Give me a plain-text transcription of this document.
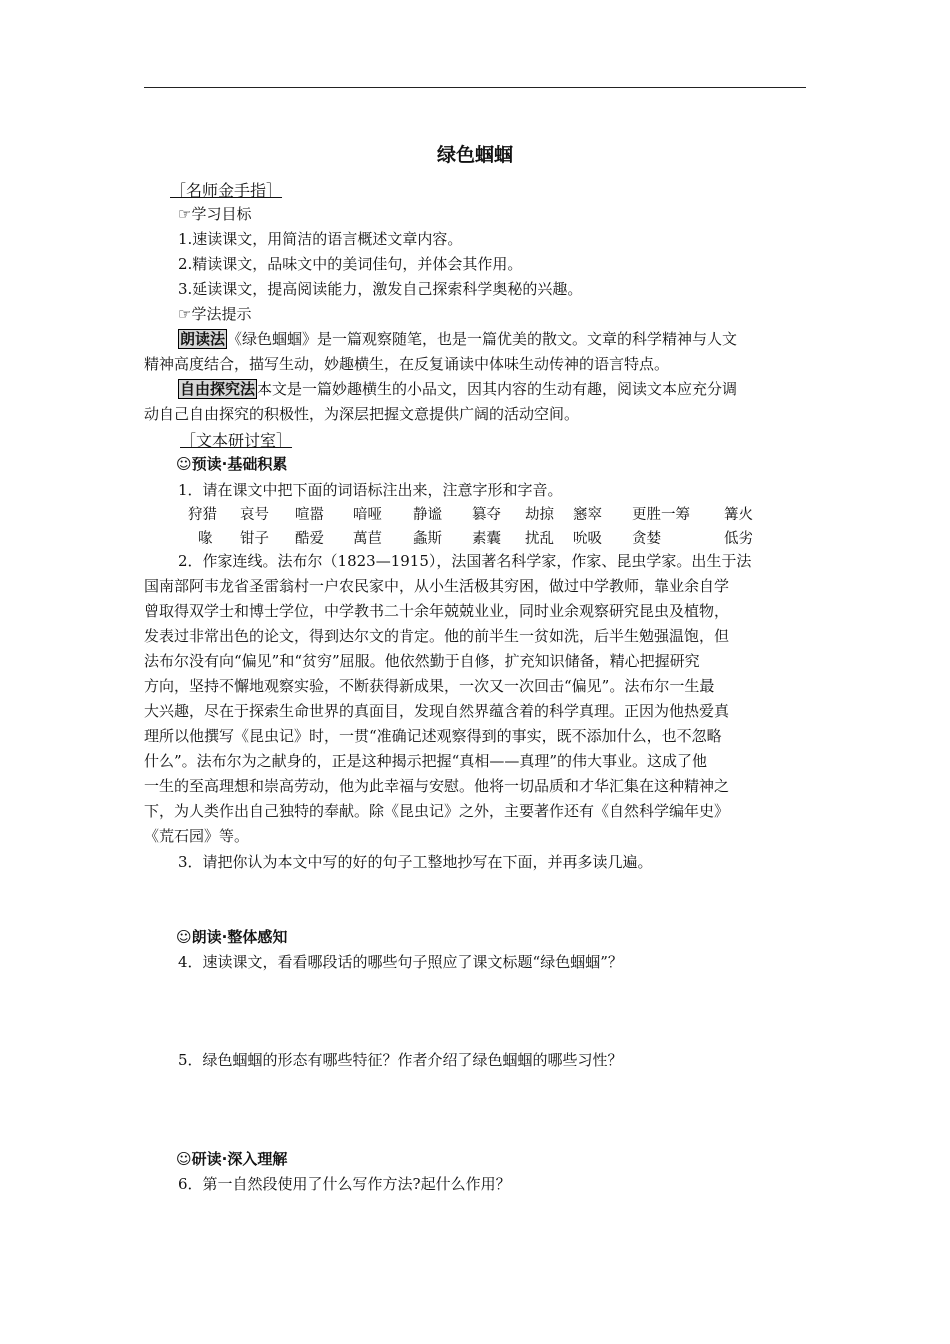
绿色蝈蝈
［名师金手指］
☞学习目标
1.速读课文，用简洁的语言概述文章内容。
2.精读课文，品味文中的美词佳句，并体会其作用。
3.延读课文，提高阅读能力，激发自己探索科学奥秘的兴趣。
☞学法提示
朗读法 《绿色蝈蝈》是一篇观察随笔，也是一篇优美的散文。文章的科学精神与人文
精神高度结合，描写生动，妙趣横生，在反复诵读中体味生动传神的语言特点。
自由探究法 本文是一篇妙趣横生的小品文，因其内容的生动有趣，阅读文本应充分调
动自己自由探究的积极性，为深层把握文意提供广阔的活动空间。
［文本研讨室］
☺预读·基础积累
1．请在课文中把下面的词语标注出来，注意字形和字音。
狩猎 哀号 喧嚣 喑哑 静谧 篡夺 劫掠 窸窣 更胜一筹 篝火
喙 钳子 酷爱 萬苣 螽斯 素囊 扰乱 吮吸 贪婪	低劣
2．作家连线。法布尔（1823—1915），法国著名科学家，作家、昆虫学家。出生于法
国南部阿韦龙省圣雷翁村一户农民家中，从小生活极其穷困，做过中学教师，靠业余自学
曾取得双学士和博士学位，中学教书二十余年兢兢业业，同时业余观察研究昆虫及植物，
发表过非常出色的论文，得到达尔文的肯定。他的前半生一贫如洗，后半生勉强温饱，但
法布尔没有向“偏见”和“贫穷”屈服。他依然勤于自修，扩充知识储备，精心把握研究
方向，坚持不懈地观察实验，不断获得新成果，一次又一次回击“偏见”。法布尔一生最
大兴趣，尽在于探索生命世界的真面目，发现自然界蕴含着的科学真理。正因为他热爱真
理所以他撰写《昆虫记》时，一贯“准确记述观察得到的事实，既不添加什么，也不忽略
什么”。法布尔为之献身的，正是这种揭示把握“真相——真理”的伟大事业。这成了他
一生的至高理想和崇高劳动，他为此幸福与安慰。他将一切品质和才华汇集在这种精神之
下，为人类作出自己独特的奉献。除《昆虫记》之外，主要著作还有《自然科学编年史》
《荒石园》等。
3．请把你认为本文中写的好的句子工整地抄写在下面，并再多读几遍。
☺朗读·整体感知
4．速读课文，看看哪段话的哪些句子照应了课文标题“绿色蝈蝈”？
5．绿色蝈蝈的形态有哪些特征？作者介绍了绿色蝈蝈的哪些习性？
☺研读·深入理解
6．第一自然段使用了什么写作方法?起什么作用？
